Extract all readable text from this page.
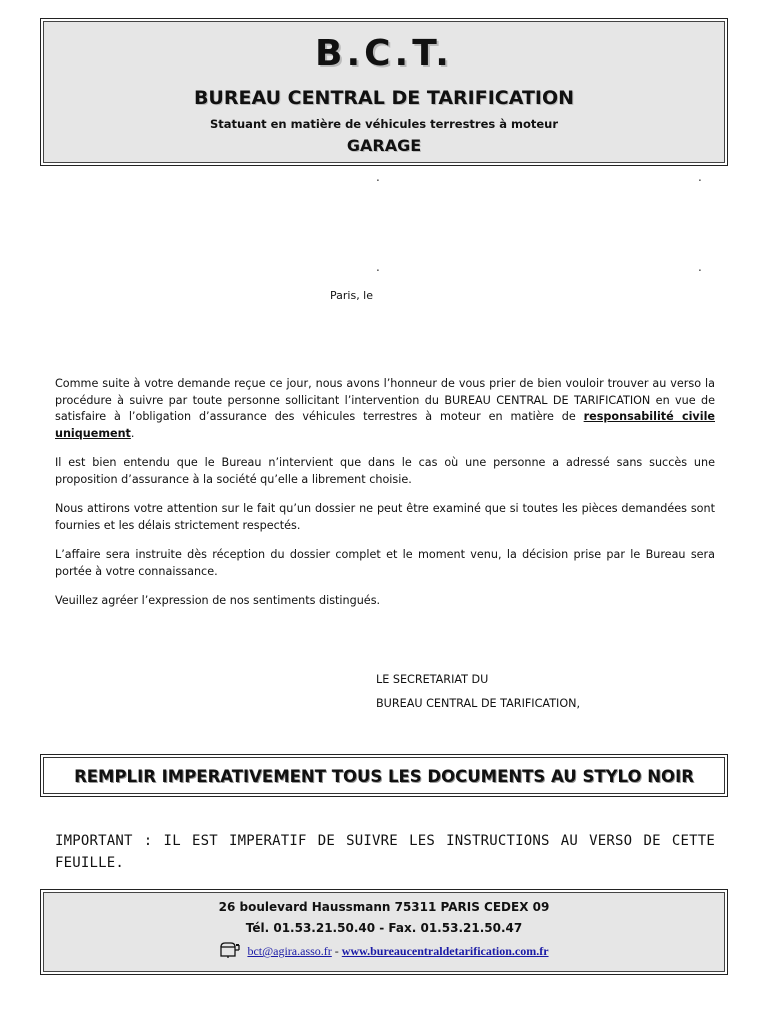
B.C.T.
BUREAU CENTRAL DE TARIFICATION
Statuant en matière de véhicules terrestres à moteur
GARAGE
.	.
.	.
Paris, le

Comme suite à votre demande reçue ce jour, nous avons l’honneur de vous prier de bien vouloir trouver au verso la procédure à suivre par toute personne sollicitant l’intervention du BUREAU CENTRAL DE TARIFICATION en vue de satisfaire à l’obligation d’assurance des véhicules terrestres à moteur en matière de responsabilité civile uniquement.

Il est bien entendu que le Bureau n’intervient que dans le cas où une personne a adressé sans succès une proposition d’assurance à la société qu’elle a librement choisie.

Nous attirons votre attention sur le fait qu’un dossier ne peut être examiné que si toutes les pièces demandées sont fournies et les délais strictement respectés.

L’affaire sera instruite dès réception du dossier complet et le moment venu, la décision prise par le Bureau sera portée à votre connaissance.

Veuillez agréer l’expression de nos sentiments distingués.

LE SECRETARIAT DU
BUREAU CENTRAL DE TARIFICATION,
REMPLIR IMPERATIVEMENT TOUS LES DOCUMENTS AU STYLO NOIR
IMPORTANT : IL EST IMPERATIF DE SUIVRE LES INSTRUCTIONS AU VERSO DE CETTE FEUILLE.
26 boulevard Haussmann 75311 PARIS CEDEX 09
Tél. 01.53.21.50.40 - Fax. 01.53.21.50.47
bct@agira.asso.fr - www.bureaucentraldetarification.com.fr
